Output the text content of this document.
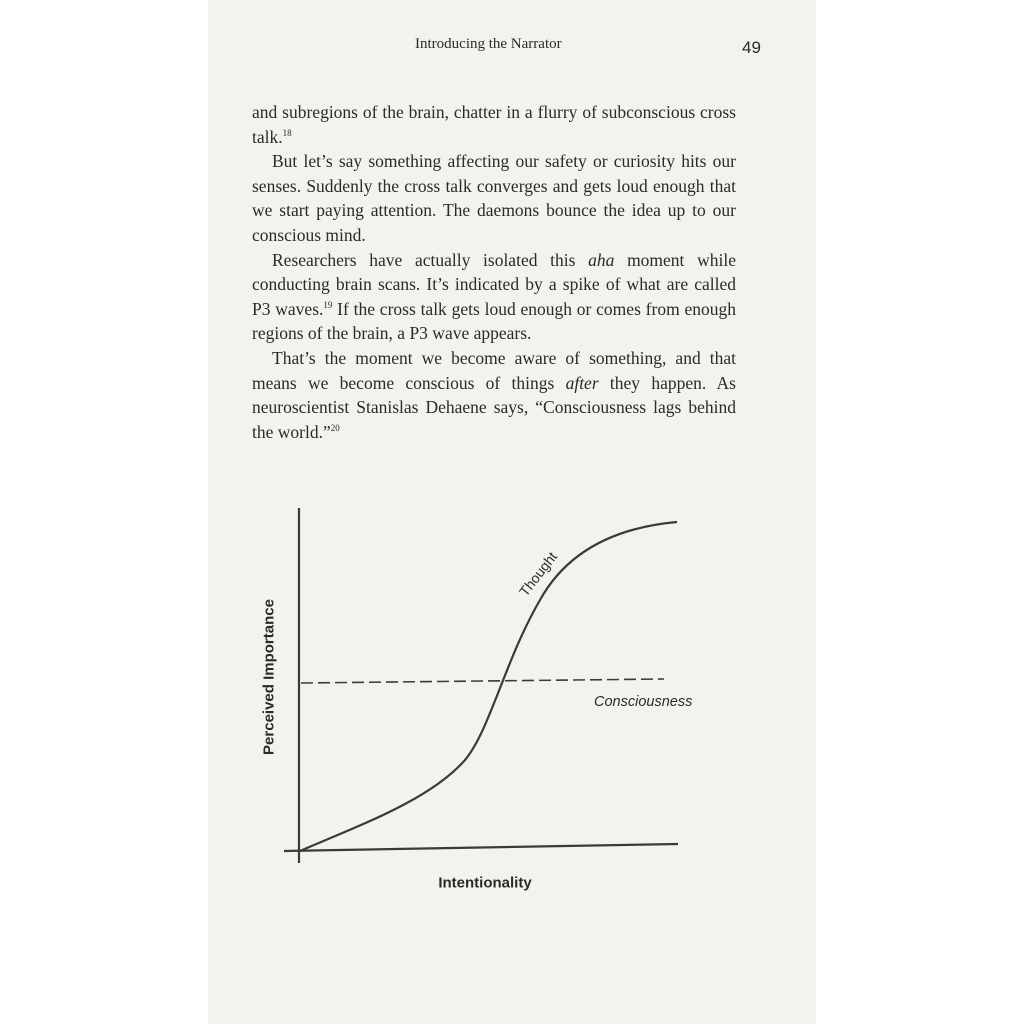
Introducing the Narrator	49

and subregions of the brain, chatter in a flurry of subconscious cross talk.$^{18}$

But let’s say something affecting our safety or curiosity hits our senses. Suddenly the cross talk converges and gets loud enough that we start paying attention. The daemons bounce the idea up to our conscious mind.

Researchers have actually isolated this aha moment while conducting brain scans. It’s indicated by a spike of what are called P3 waves.$^{19}$ If the cross talk gets loud enough or comes from enough regions of the brain, a P3 wave appears.

That’s the moment we become aware of something, and that means we become conscious of things after they happen. As neuroscientist Stanislas Dehaene says, “Consciousness lags behind the world.”$^{20}$

Perceived Importance
Intentionality
Thought
Consciousness
